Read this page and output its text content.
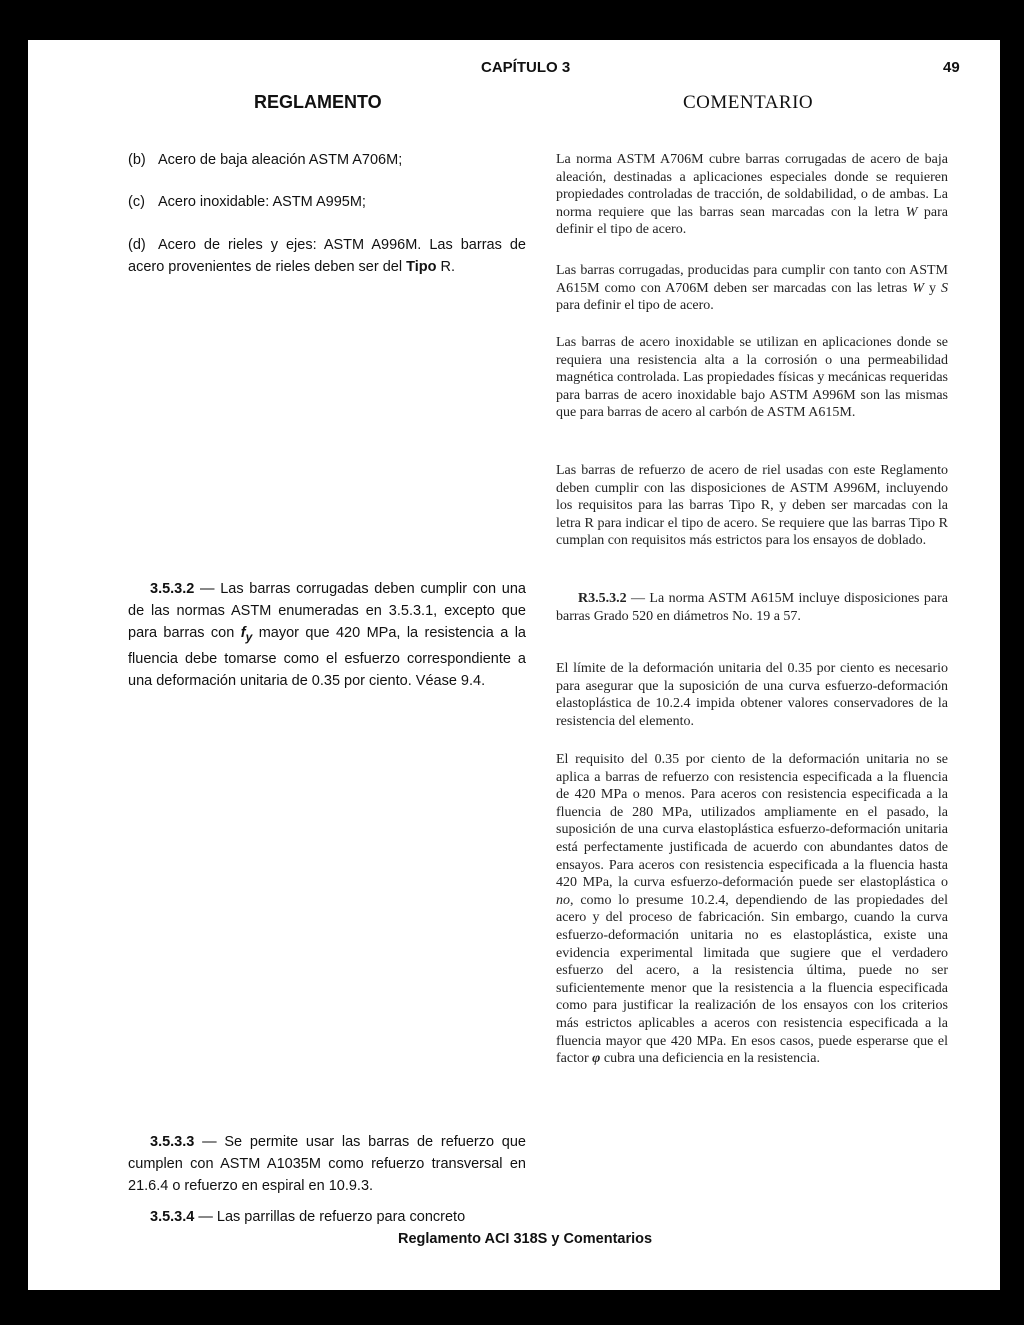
CAPÍTULO 3	49
REGLAMENTO	COMENTARIO
(b) Acero de baja aleación ASTM A706M;
(c) Acero inoxidable: ASTM A995M;
(d) Acero de rieles y ejes: ASTM A996M. Las barras de acero provenientes de rieles deben ser del Tipo R.
3.5.3.2 — Las barras corrugadas deben cumplir con una de las normas ASTM enumeradas en 3.5.3.1, excepto que para barras con $f_y$ mayor que 420 MPa, la resistencia a la fluencia debe tomarse como el esfuerzo correspondiente a una deformación unitaria de 0.35 por ciento. Véase 9.4.
3.5.3.3 — Se permite usar las barras de refuerzo que cumplen con ASTM A1035M como refuerzo transversal en 21.6.4 o refuerzo en espiral en 10.9.3.
3.5.3.4 — Las parrillas de refuerzo para concreto
La norma ASTM A706M cubre barras corrugadas de acero de baja aleación, destinadas a aplicaciones especiales donde se requieren propiedades controladas de tracción, de soldabilidad, o de ambas. La norma requiere que las barras sean marcadas con la letra W para definir el tipo de acero.
Las barras corrugadas, producidas para cumplir con tanto con ASTM A615M como con A706M deben ser marcadas con las letras W y S para definir el tipo de acero.
Las barras de acero inoxidable se utilizan en aplicaciones donde se requiera una resistencia alta a la corrosión o una permeabilidad magnética controlada. Las propiedades físicas y mecánicas requeridas para barras de acero inoxidable bajo ASTM A996M son las mismas que para barras de acero al carbón de ASTM A615M.
Las barras de refuerzo de acero de riel usadas con este Reglamento deben cumplir con las disposiciones de ASTM A996M, incluyendo los requisitos para las barras Tipo R, y deben ser marcadas con la letra R para indicar el tipo de acero. Se requiere que las barras Tipo R cumplan con requisitos más estrictos para los ensayos de doblado.
R3.5.3.2 — La norma ASTM A615M incluye disposiciones para barras Grado 520 en diámetros No. 19 a 57.
El límite de la deformación unitaria del 0.35 por ciento es necesario para asegurar que la suposición de una curva esfuerzo-deformación elastoplástica de 10.2.4 impida obtener valores conservadores de la resistencia del elemento.
El requisito del 0.35 por ciento de la deformación unitaria no se aplica a barras de refuerzo con resistencia especificada a la fluencia de 420 MPa o menos. Para aceros con resistencia especificada a la fluencia de 280 MPa, utilizados ampliamente en el pasado, la suposición de una curva elastoplástica esfuerzo-deformación unitaria está perfectamente justificada de acuerdo con abundantes datos de ensayos. Para aceros con resistencia especificada a la fluencia hasta 420 MPa, la curva esfuerzo-deformación puede ser elastoplástica o no, como lo presume 10.2.4, dependiendo de las propiedades del acero y del proceso de fabricación. Sin embargo, cuando la curva esfuerzo-deformación unitaria no es elastoplástica, existe una evidencia experimental limitada que sugiere que el verdadero esfuerzo del acero, a la resistencia última, puede no ser suficientemente menor que la resistencia a la fluencia especificada como para justificar la realización de los ensayos con los criterios más estrictos aplicables a aceros con resistencia especificada a la fluencia mayor que 420 MPa. En esos casos, puede esperarse que el factor φ cubra una deficiencia en la resistencia.
Reglamento ACI 318S y Comentarios
